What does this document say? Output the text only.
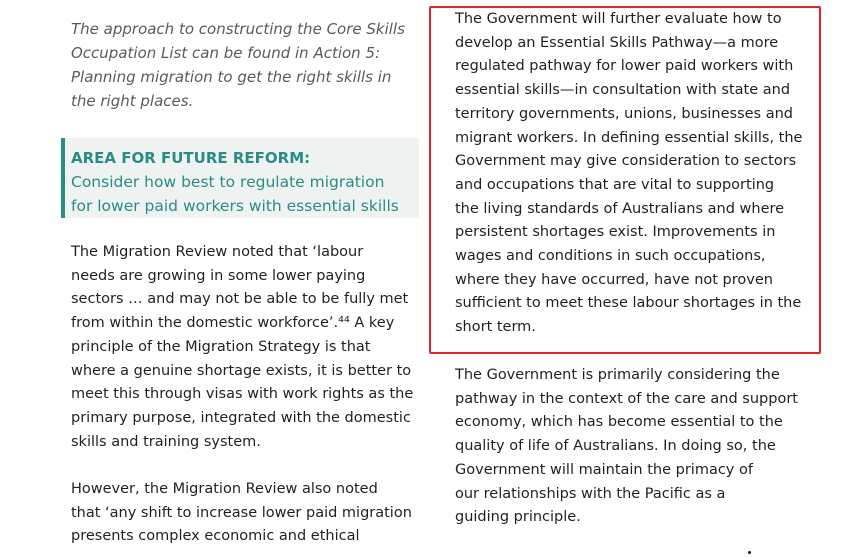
The approach to constructing the Core Skills
Occupation List can be found in Action 5:
Planning migration to get the right skills in
the right places.
AREA FOR FUTURE REFORM:
Consider how best to regulate migration
for lower paid workers with essential skills
The Migration Review noted that ‘labour
needs are growing in some lower paying
sectors … and may not be able to be fully met
from within the domestic workforce’.⁴⁴ A key
principle of the Migration Strategy is that
where a genuine shortage exists, it is better to
meet this through visas with work rights as the
primary purpose, integrated with the domestic
skills and training system.
However, the Migration Review also noted
that ‘any shift to increase lower paid migration
presents complex economic and ethical
The Government will further evaluate how to
develop an Essential Skills Pathway—a more
regulated pathway for lower paid workers with
essential skills—in consultation with state and
territory governments, unions, businesses and
migrant workers. In defining essential skills, the
Government may give consideration to sectors
and occupations that are vital to supporting
the living standards of Australians and where
persistent shortages exist. Improvements in
wages and conditions in such occupations,
where they have occurred, have not proven
sufficient to meet these labour shortages in the
short term.
The Government is primarily considering the
pathway in the context of the care and support
economy, which has become essential to the
quality of life of Australians. In doing so, the
Government will maintain the primacy of
our relationships with the Pacific as a
guiding principle.
